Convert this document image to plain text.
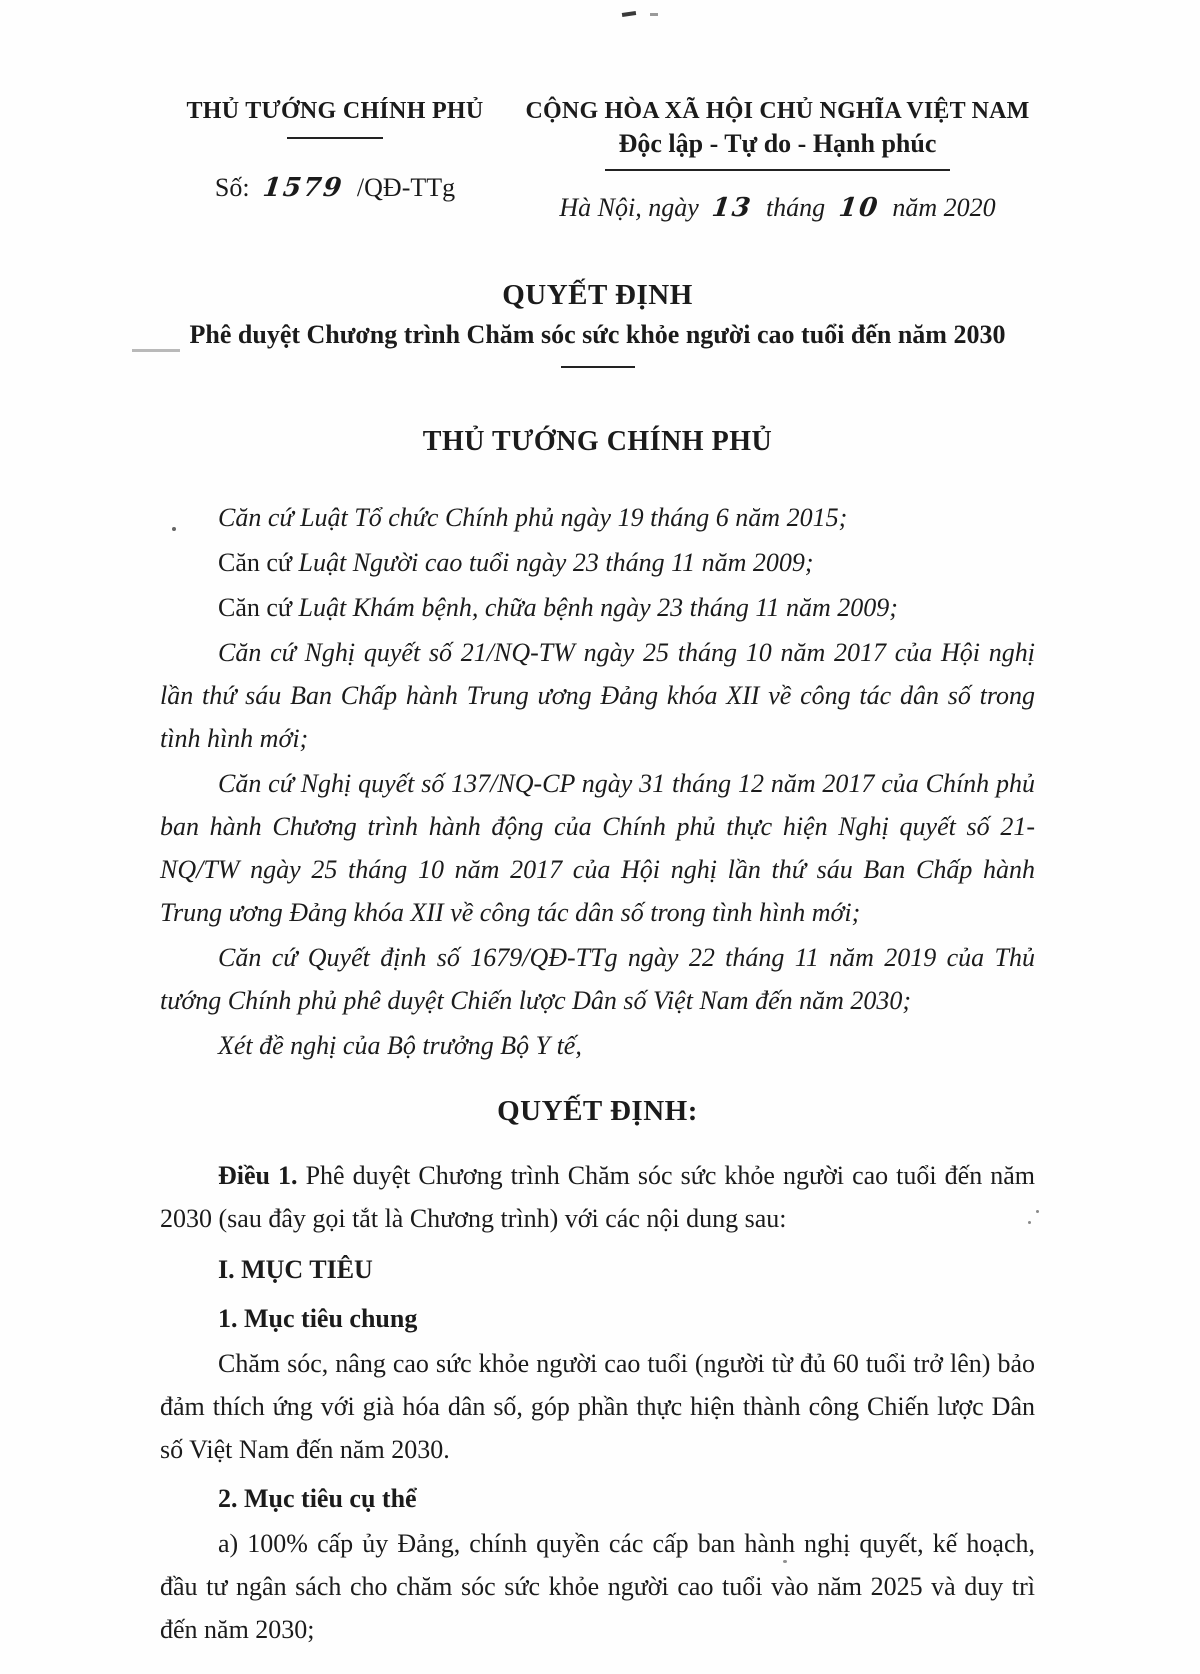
THỦ TƯỚNG CHÍNH PHỦ
Số: 1579 /QĐ-TTg
CỘNG HÒA XÃ HỘI CHỦ NGHĨA VIỆT NAM
Độc lập - Tự do - Hạnh phúc
Hà Nội, ngày 13 tháng 10 năm 2020
QUYẾT ĐỊNH
Phê duyệt Chương trình Chăm sóc sức khỏe người cao tuổi đến năm 2030
THỦ TƯỚNG CHÍNH PHỦ

Căn cứ Luật Tổ chức Chính phủ ngày 19 tháng 6 năm 2015;

Căn cứ Luật Người cao tuổi ngày 23 tháng 11 năm 2009;

Căn cứ Luật Khám bệnh, chữa bệnh ngày 23 tháng 11 năm 2009;

Căn cứ Nghị quyết số 21/NQ-TW ngày 25 tháng 10 năm 2017 của Hội nghị lần thứ sáu Ban Chấp hành Trung ương Đảng khóa XII về công tác dân số trong tình hình mới;

Căn cứ Nghị quyết số 137/NQ-CP ngày 31 tháng 12 năm 2017 của Chính phủ ban hành Chương trình hành động của Chính phủ thực hiện Nghị quyết số 21-NQ/TW ngày 25 tháng 10 năm 2017 của Hội nghị lần thứ sáu Ban Chấp hành Trung ương Đảng khóa XII về công tác dân số trong tình hình mới;

Căn cứ Quyết định số 1679/QĐ-TTg ngày 22 tháng 11 năm 2019 của Thủ tướng Chính phủ phê duyệt Chiến lược Dân số Việt Nam đến năm 2030;

Xét đề nghị của Bộ trưởng Bộ Y tế,

QUYẾT ĐỊNH:

Điều 1. Phê duyệt Chương trình Chăm sóc sức khỏe người cao tuổi đến năm 2030 (sau đây gọi tắt là Chương trình) với các nội dung sau:

I. MỤC TIÊU

1. Mục tiêu chung

Chăm sóc, nâng cao sức khỏe người cao tuổi (người từ đủ 60 tuổi trở lên) bảo đảm thích ứng với già hóa dân số, góp phần thực hiện thành công Chiến lược Dân số Việt Nam đến năm 2030.

2. Mục tiêu cụ thể

a) 100% cấp ủy Đảng, chính quyền các cấp ban hành nghị quyết, kế hoạch, đầu tư ngân sách cho chăm sóc sức khỏe người cao tuổi vào năm 2025 và duy trì đến năm 2030;
